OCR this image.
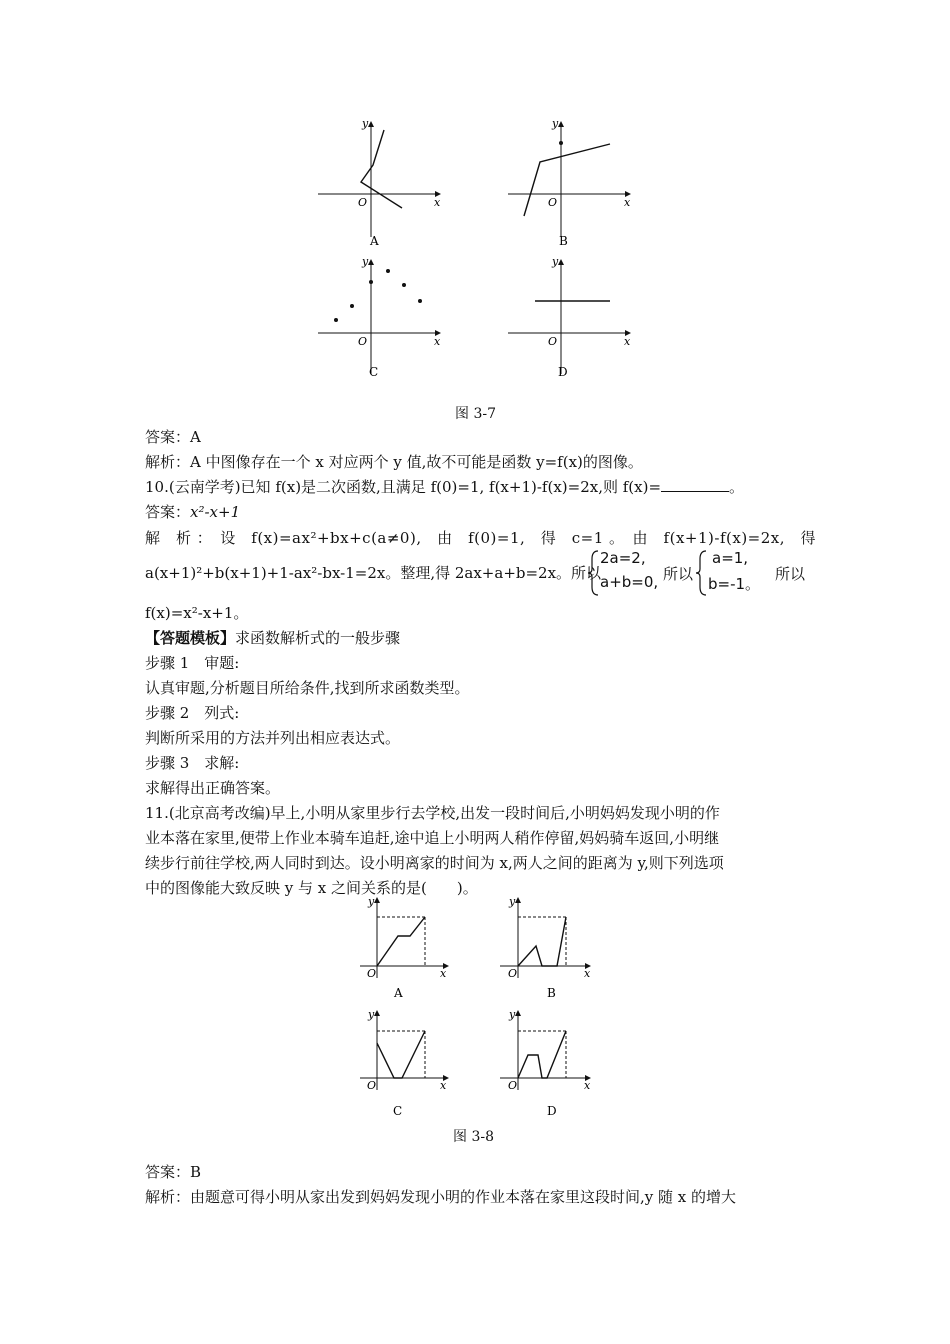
y
x
O
y
x
O
y
x
O
y
x
O
A	B
C	D
图 3-7
答案：A
解析：A 中图像存在一个 x 对应两个 y 值,故不可能是函数 y=f(x)的图像。
10.(云南学考)已知 f(x)是二次函数,且满足 f(0)=1, f(x+1)-f(x)=2x,则 f(x)=	。
答案：x²-x+1
解　析 ：　设　f(x)=ax²+bx+c(a≠0),　由　f(0)=1,　得　c=1 。　由　f(x+1)-f(x)=2x,　得
a(x+1)²+b(x+1)+1-ax²-bx-1=2x。整理,得 2ax+a+b=2x。所以
2a=2,
a+b=0, 所以
a=1,
b=-1。
所以
f(x)=x²-x+1。
【答题模板】求函数解析式的一般步骤
步骤 1　审题:
认真审题,分析题目所给条件,找到所求函数类型。
步骤 2　列式:
判断所采用的方法并列出相应表达式。
步骤 3　求解:
求解得出正确答案。
11.(北京高考改编)早上,小明从家里步行去学校,出发一段时间后,小明妈妈发现小明的作
业本落在家里,便带上作业本骑车追赶,途中追上小明两人稍作停留,妈妈骑车返回,小明继
续步行前往学校,两人同时到达。设小明离家的时间为 x,两人之间的距离为 y,则下列选项
中的图像能大致反映 y 与 x 之间关系的是(　　)。
y
x
O
y
x
O
y
x
O
y
x
O
A	B
C	D
图 3-8
答案：B
解析：由题意可得小明从家出发到妈妈发现小明的作业本落在家里这段时间,y 随 x 的增大
